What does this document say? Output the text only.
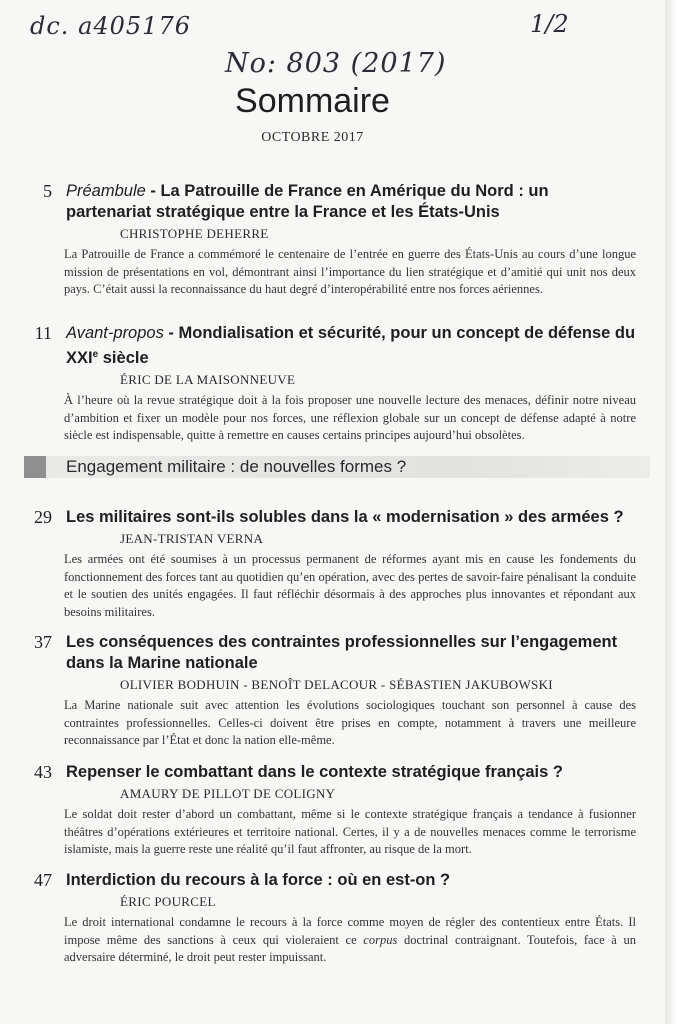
dc. a405176	1/2
No: 803 (2017)
Sommaire
OCTOBRE 2017
5 Préambule - La Patrouille de France en Amérique du Nord : un partenariat stratégique entre la France et les États-Unis
CHRISTOPHE DEHERRE
La Patrouille de France a commémoré le centenaire de l’entrée en guerre des États-Unis au cours d’une longue mission de présentations en vol, démontrant ainsi l’importance du lien stratégique et d’amitié qui unit nos deux pays. C’était aussi la reconnaissance du haut degré d’interopérabilité entre nos forces aériennes.
11 Avant-propos - Mondialisation et sécurité, pour un concept de défense du XXIe siècle
ÉRIC DE LA MAISONNEUVE
À l’heure où la revue stratégique doit à la fois proposer une nouvelle lecture des menaces, définir notre niveau d’ambition et fixer un modèle pour nos forces, une réflexion globale sur un concept de défense adapté à notre siècle est indispensable, quitte à remettre en causes certains principes aujourd’hui obsolètes.
Engagement militaire : de nouvelles formes ?
29 Les militaires sont-ils solubles dans la « modernisation » des armées ?
JEAN-TRISTAN VERNA
Les armées ont été soumises à un processus permanent de réformes ayant mis en cause les fondements du fonctionnement des forces tant au quotidien qu’en opération, avec des pertes de savoir-faire pénalisant la conduite et le soutien des unités engagées. Il faut réfléchir désormais à des approches plus innovantes et répondant aux besoins militaires.
37 Les conséquences des contraintes professionnelles sur l’engagement dans la Marine nationale
OLIVIER BODHUIN - BENOÎT DELACOUR - SÉBASTIEN JAKUBOWSKI
La Marine nationale suit avec attention les évolutions sociologiques touchant son personnel à cause des contraintes professionnelles. Celles-ci doivent être prises en compte, notamment à travers une meilleure reconnaissance par l’État et donc la nation elle-même.
43 Repenser le combattant dans le contexte stratégique français ?
AMAURY DE PILLOT DE COLIGNY
Le soldat doit rester d’abord un combattant, même si le contexte stratégique français a tendance à fusionner théâtres d’opérations extérieures et territoire national. Certes, il y a de nouvelles menaces comme le terrorisme islamiste, mais la guerre reste une réalité qu’il faut affronter, au risque de la mort.
47 Interdiction du recours à la force : où en est-on ?
ÉRIC POURCEL
Le droit international condamne le recours à la force comme moyen de régler des contentieux entre États. Il impose même des sanctions à ceux qui violeraient ce corpus doctrinal contraignant. Toutefois, face à un adversaire déterminé, le droit peut rester impuissant.
